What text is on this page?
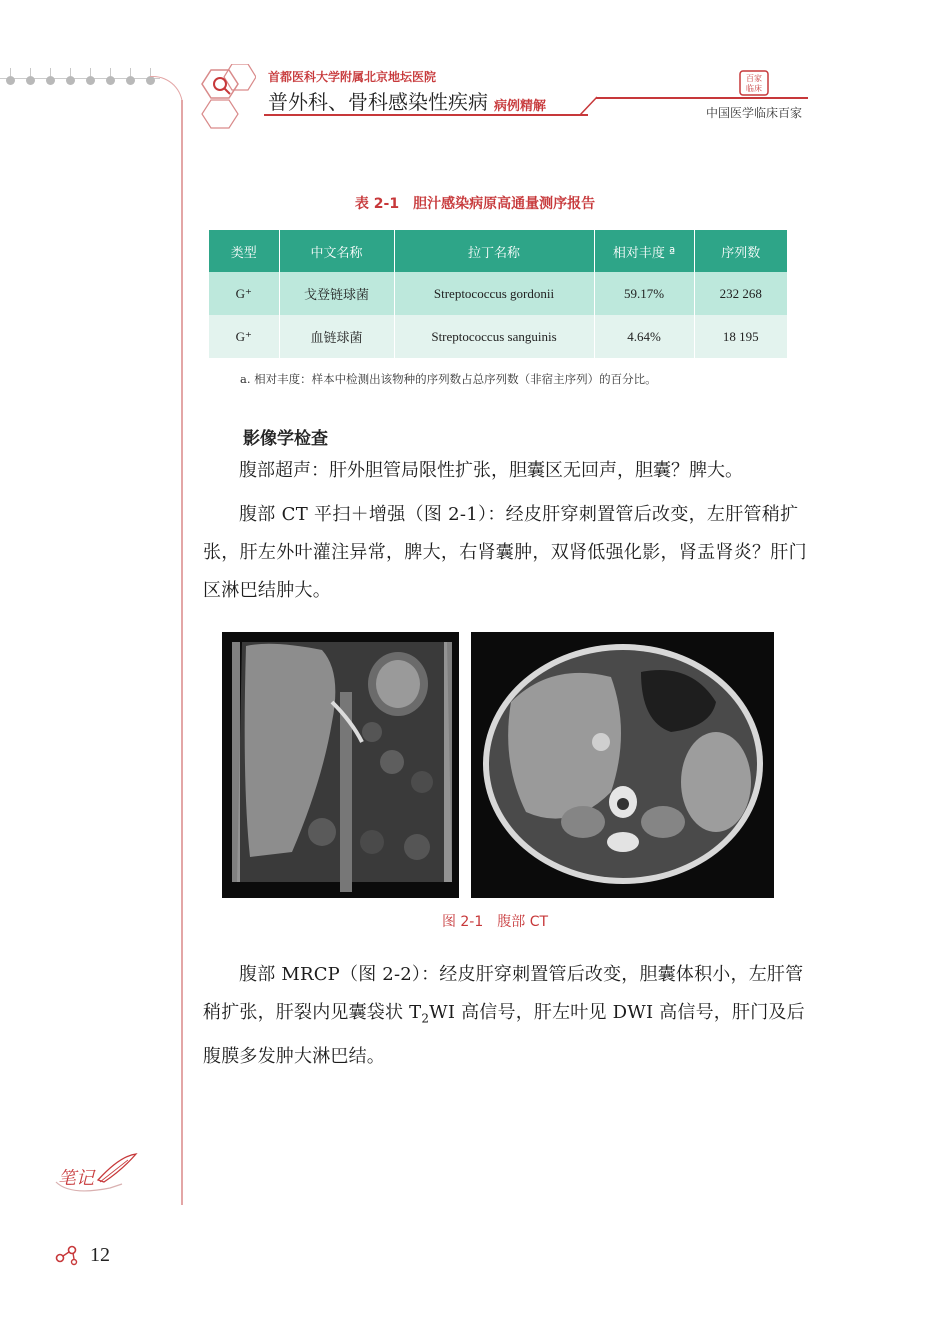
首都医科大学附属北京地坛医院
普外科、骨科感染性疾病 病例精解
百家
临床
中国医学临床百家
表 2-1　胆汁感染病原高通量测序报告
类型	中文名称	拉丁名称	相对丰度 ª	序列数
G⁺	戈登链球菌	Streptococcus gordonii	59.17%	232 268
G⁺	血链球菌	Streptococcus sanguinis	4.64%	18 195
a. 相对丰度：样本中检测出该物种的序列数占总序列数（非宿主序列）的百分比。
影像学检查
腹部超声：肝外胆管局限性扩张，胆囊区无回声，胆囊？脾大。
腹部 CT 平扫＋增强（图 2-1）：经皮肝穿刺置管后改变，左肝管稍扩张，肝左外叶灌注异常，脾大，右肾囊肿，双肾低强化影，肾盂肾炎？肝门区淋巴结肿大。
图 2-1　腹部 CT
腹部 MRCP（图 2-2）：经皮肝穿刺置管后改变，胆囊体积小，左肝管稍扩张，肝裂内见囊袋状 $T_2WI$ 高信号，肝左叶见 DWI 高信号，肝门及后腹膜多发肿大淋巴结。
笔记
12
